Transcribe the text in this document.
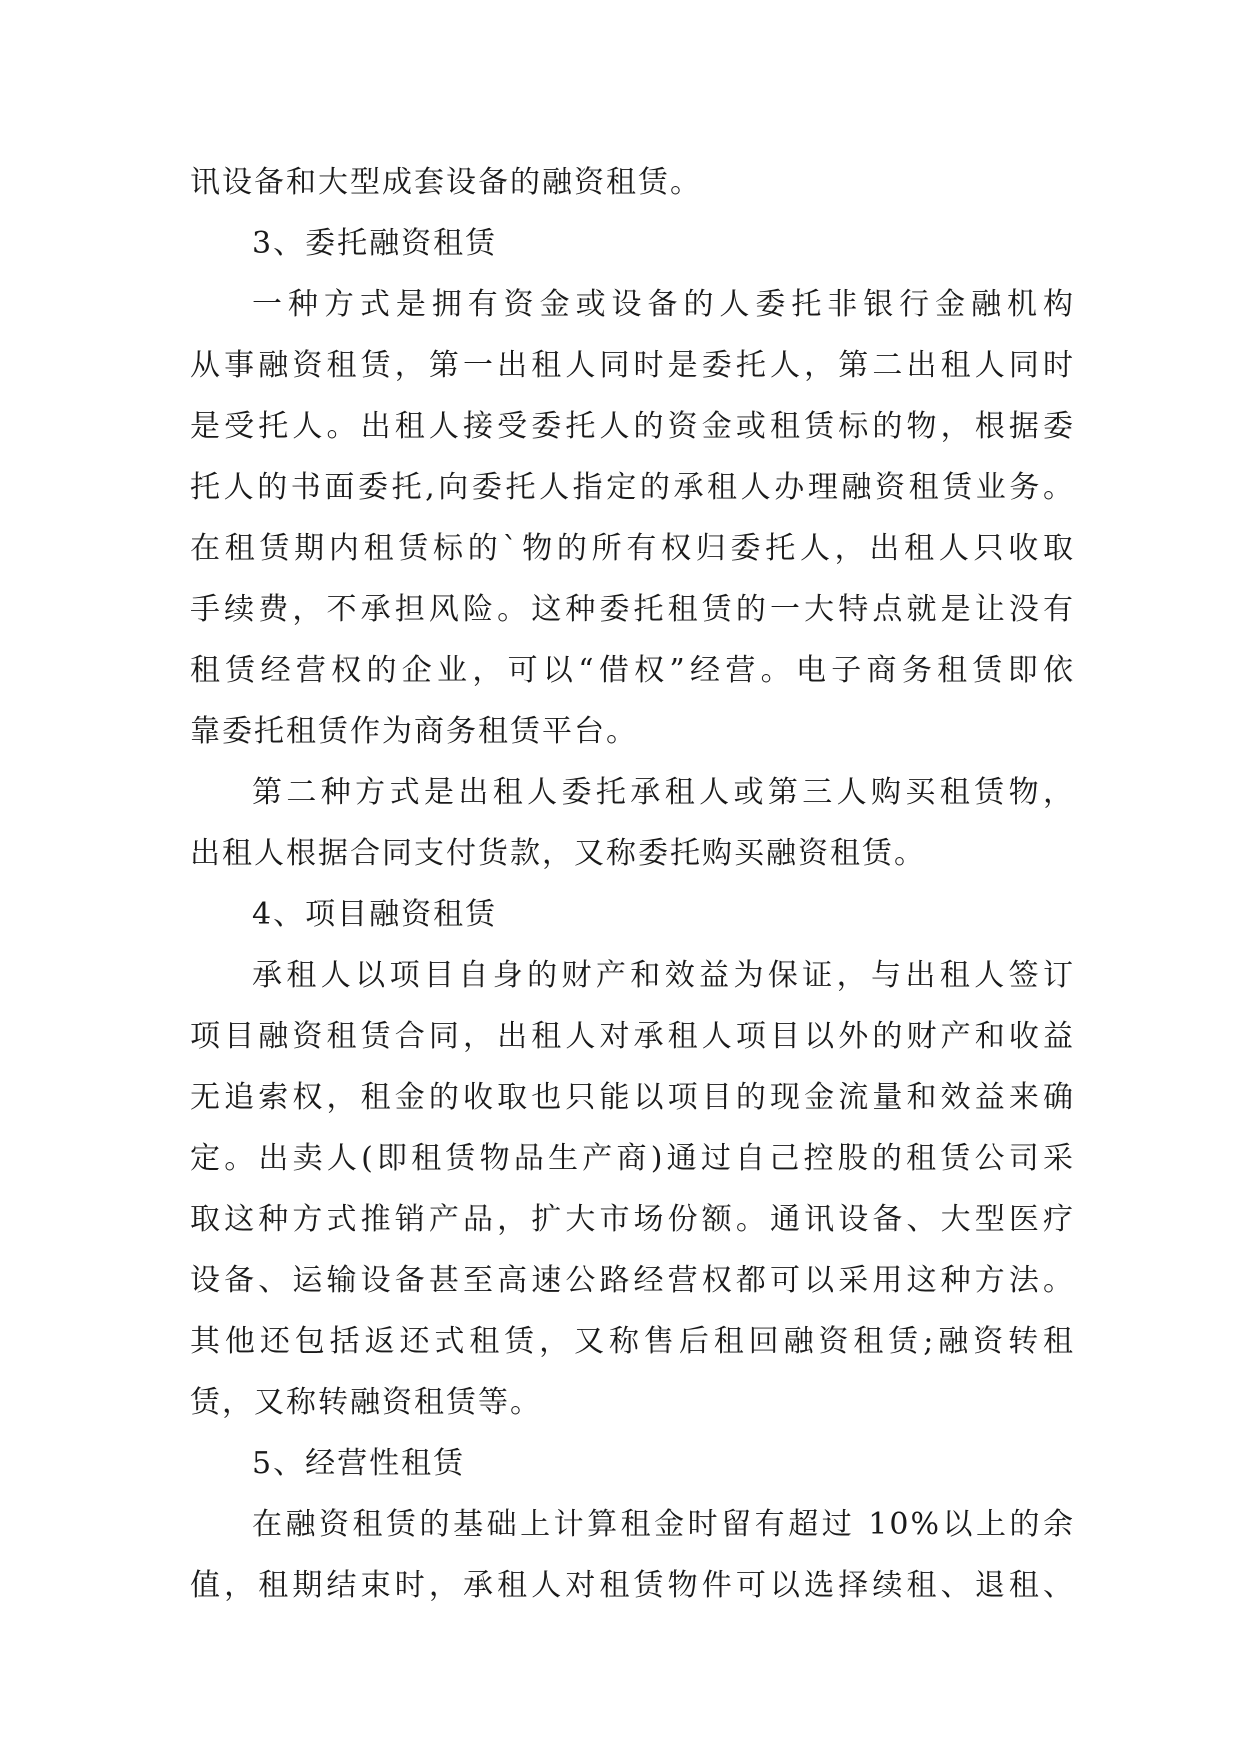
讯设备和大型成套设备的融资租赁。
3、委托融资租赁
一种方式是拥有资金或设备的人委托非银行金融机构
从事融资租赁，第一出租人同时是委托人，第二出租人同时
是受托人。出租人接受委托人的资金或租赁标的物，根据委
托人的书面委托,向委托人指定的承租人办理融资租赁业务。
在租赁期内租赁标的`物的所有权归委托人，出租人只收取
手续费，不承担风险。这种委托租赁的一大特点就是让没有
租赁经营权的企业，可以“借权”经营。电子商务租赁即依
靠委托租赁作为商务租赁平台。
第二种方式是出租人委托承租人或第三人购买租赁物，
出租人根据合同支付货款，又称委托购买融资租赁。
4、项目融资租赁
承租人以项目自身的财产和效益为保证，与出租人签订
项目融资租赁合同，出租人对承租人项目以外的财产和收益
无追索权，租金的收取也只能以项目的现金流量和效益来确
定。出卖人(即租赁物品生产商)通过自己控股的租赁公司采
取这种方式推销产品，扩大市场份额。通讯设备、大型医疗
设备、运输设备甚至高速公路经营权都可以采用这种方法。
其他还包括返还式租赁，又称售后租回融资租赁;融资转租
赁，又称转融资租赁等。
5、经营性租赁
在融资租赁的基础上计算租金时留有超过 10%以上的余
值，租期结束时，承租人对租赁物件可以选择续租、退租、
